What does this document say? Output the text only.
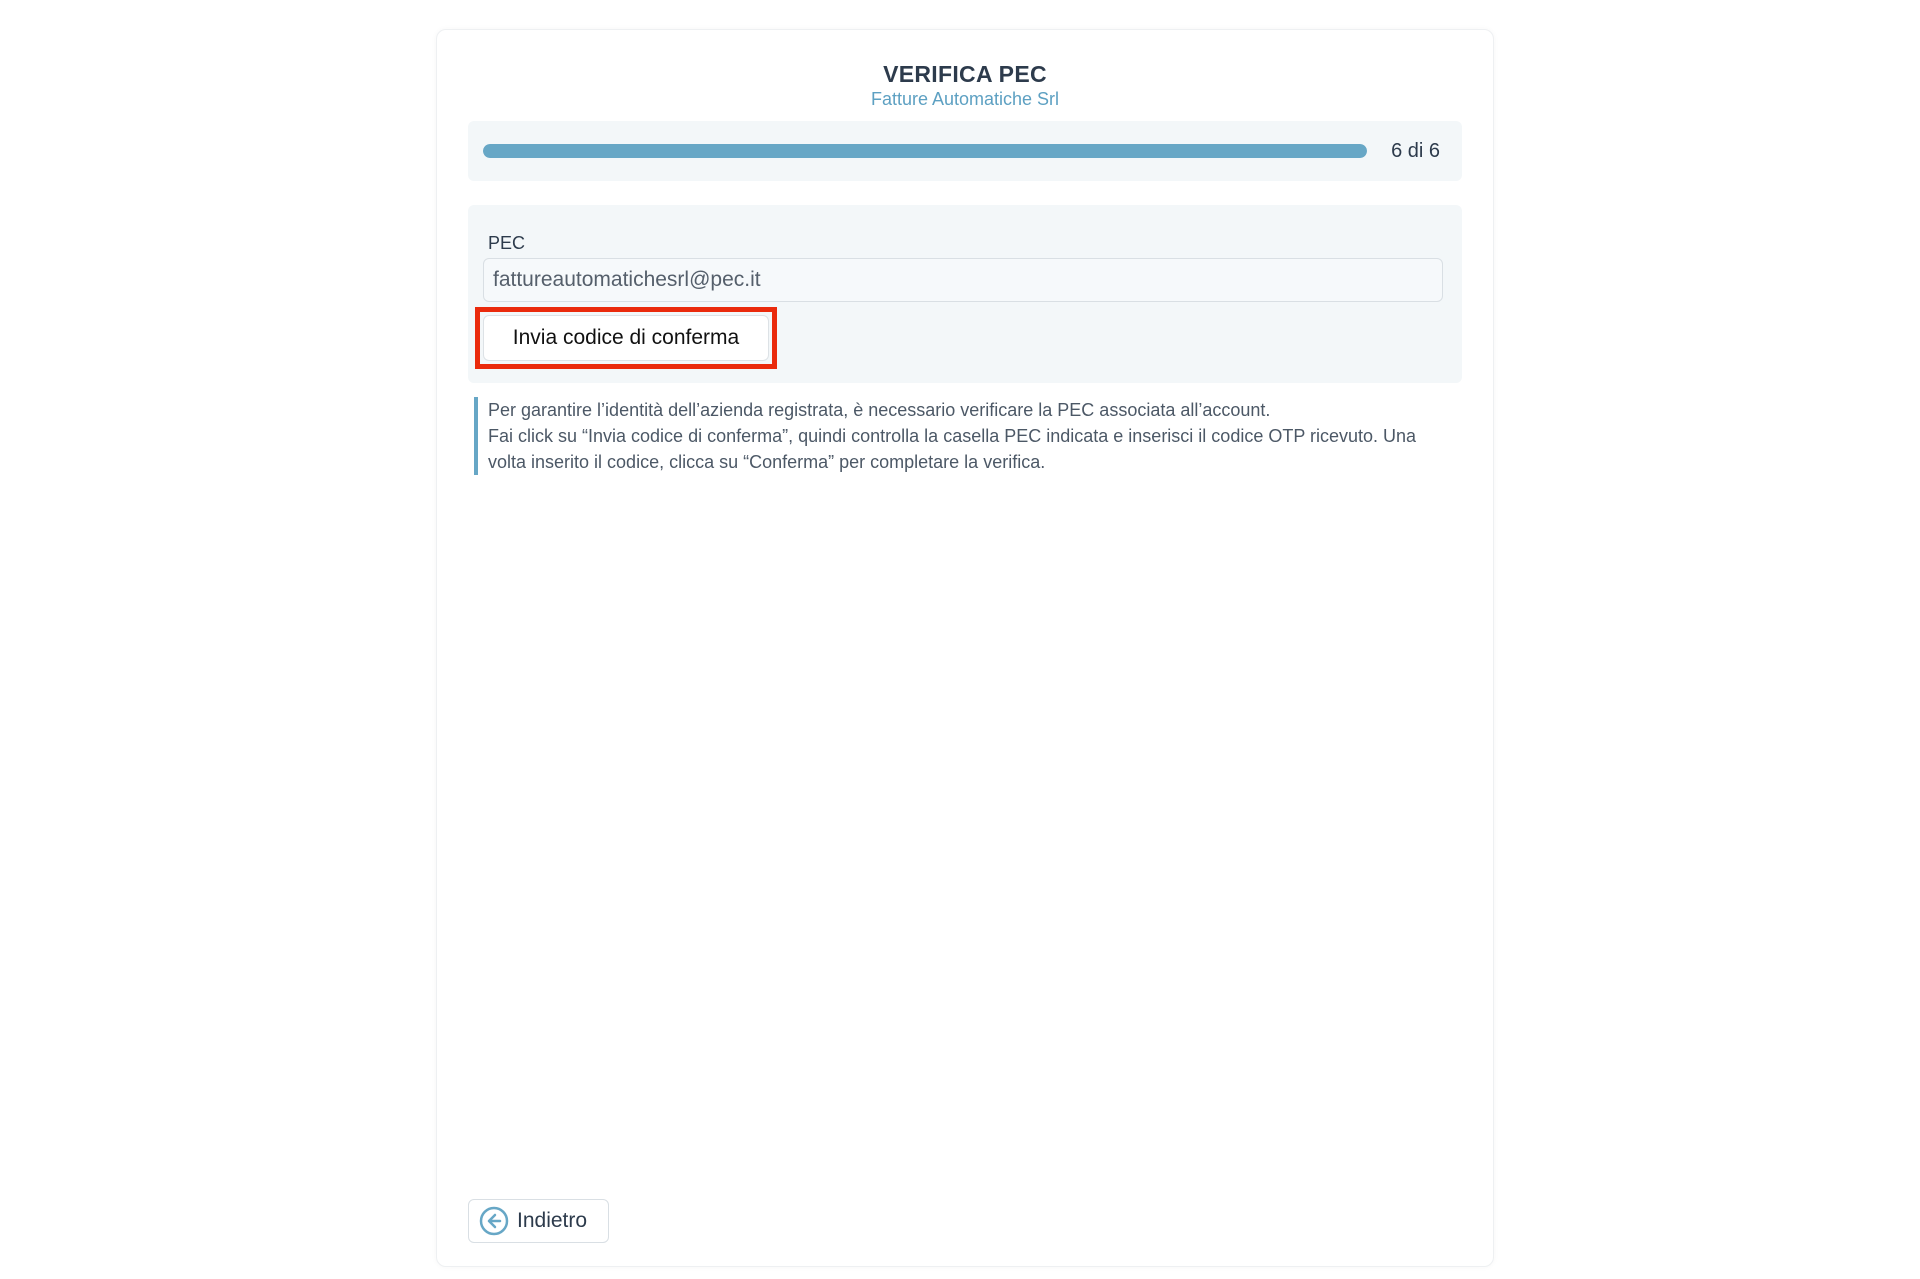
VERIFICA PEC
Fatture Automatiche Srl
6 di 6
PEC
fattureautomatichesrl@pec.it
Invia codice di conferma

Per garantire l’identità dell’azienda registrata, è necessario verificare la PEC associata all’account.

Fai click su “Invia codice di conferma”, quindi controlla la casella PEC indicata e inserisci il codice OTP ricevuto. Una volta inserito il codice, clicca su “Conferma” per completare la verifica.

Indietro
